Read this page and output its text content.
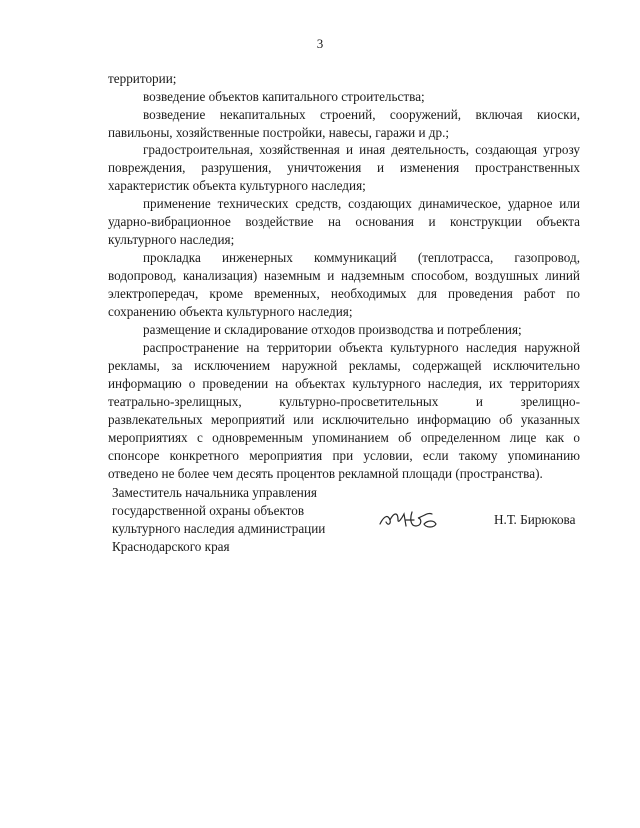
3
территории;
возведение объектов капитального строительства;
возведение некапитальных строений, сооружений, включая киоски,
павильоны, хозяйственные постройки, навесы, гаражи и др.;
градостроительная, хозяйственная и иная деятельность, создающая угрозу
повреждения, разрушения, уничтожения и изменения пространственных
характеристик объекта культурного наследия;
применение технических средств, создающих динамическое, ударное или
ударно-вибрационное воздействие на основания и конструкции объекта
культурного наследия;
прокладка инженерных коммуникаций (теплотрасса, газопровод,
водопровод, канализация) наземным и надземным способом, воздушных линий
электропередач, кроме временных, необходимых для проведения работ по
сохранению объекта культурного наследия;
размещение и складирование отходов производства и потребления;
распространение на территории объекта культурного наследия наружной
рекламы, за исключением наружной рекламы, содержащей исключительно
информацию о проведении на объектах культурного наследия, их территориях
театрально-зрелищных, культурно-просветительных и зрелищно-
развлекательных мероприятий или исключительно информацию об указанных
мероприятиях с одновременным упоминанием об определенном лице как о
спонсоре конкретного мероприятия при условии, если такому упоминанию
отведено не более чем десять процентов рекламной площади (пространства).
Заместитель начальника управления
государственной охраны объектов
культурного наследия администрации
Краснодарского края
Н.Т. Бирюкова
